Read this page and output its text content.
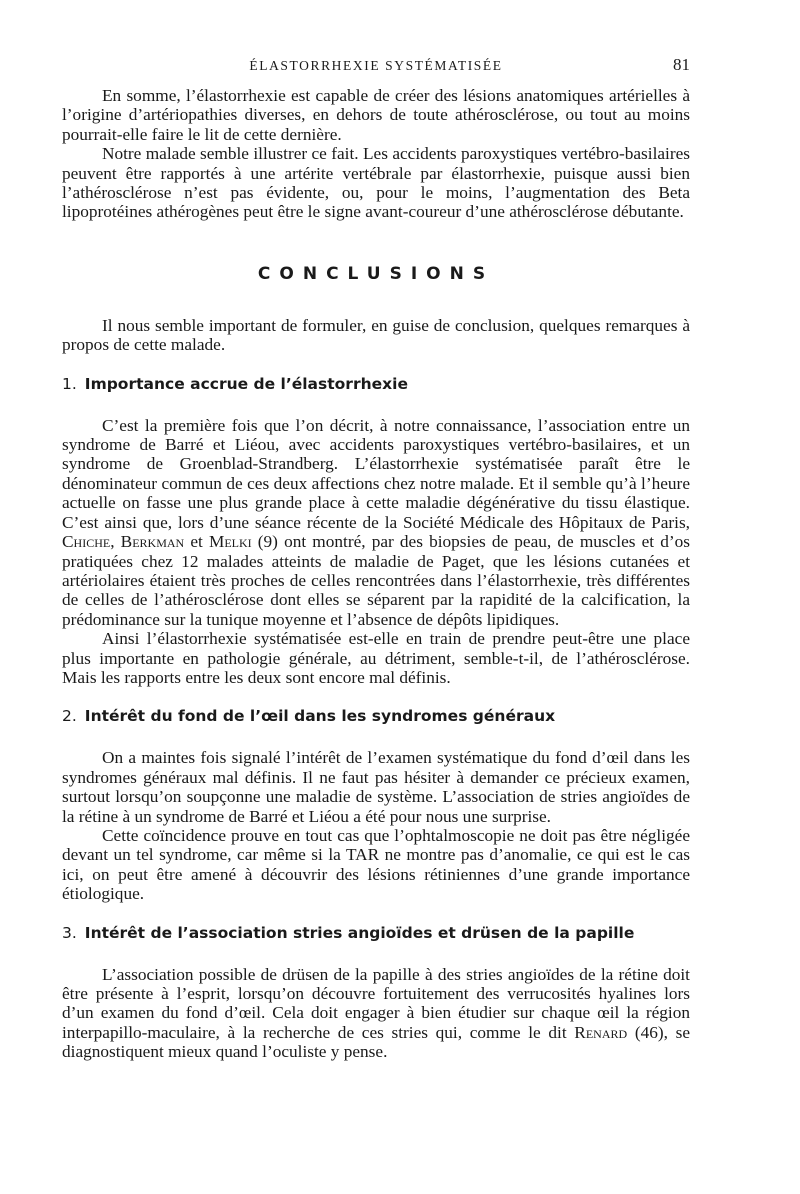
ÉLASTORRHEXIE SYSTÉMATISÉE	81

En somme, l’élastorrhexie est capable de créer des lésions anatomiques artérielles à l’origine d’artériopathies diverses, en dehors de toute athérosclérose, ou tout au moins pourrait-elle faire le lit de cette dernière.

Notre malade semble illustrer ce fait. Les accidents paroxystiques vertébro-basilaires peuvent être rapportés à une artérite vertébrale par élastorrhexie, puisque aussi bien l’athérosclérose n’est pas évidente, ou, pour le moins, l’augmentation des Beta lipoprotéines athérogènes peut être le signe avant-coureur d’une athérosclérose débutante.

CONCLUSIONS

Il nous semble important de formuler, en guise de conclusion, quelques remarques à propos de cette malade.

1. Importance accrue de l’élastorrhexie

C’est la première fois que l’on décrit, à notre connaissance, l’association entre un syndrome de Barré et Liéou, avec accidents paroxystiques vertébro-basilaires, et un syndrome de Groenblad-Strandberg. L’élastorrhexie systématisée paraît être le dénominateur commun de ces deux affections chez notre malade. Et il semble qu’à l’heure actuelle on fasse une plus grande place à cette maladie dégénérative du tissu élastique. C’est ainsi que, lors d’une séance récente de la Société Médicale des Hôpitaux de Paris, Chiche, Berkman et Melki (9) ont montré, par des biopsies de peau, de muscles et d’os pratiquées chez 12 malades atteints de maladie de Paget, que les lésions cutanées et artériolaires étaient très proches de celles rencontrées dans l’élastorrhexie, très différentes de celles de l’athérosclérose dont elles se séparent par la rapidité de la calcification, la prédominance sur la tunique moyenne et l’absence de dépôts lipidiques.

Ainsi l’élastorrhexie systématisée est-elle en train de prendre peut-être une place plus importante en pathologie générale, au détriment, semble-t-il, de l’athérosclérose. Mais les rapports entre les deux sont encore mal définis.

2. Intérêt du fond de l’œil dans les syndromes généraux

On a maintes fois signalé l’intérêt de l’examen systématique du fond d’œil dans les syndromes généraux mal définis. Il ne faut pas hésiter à demander ce précieux examen, surtout lorsqu’on soupçonne une maladie de système. L’association de stries angioïdes de la rétine à un syndrome de Barré et Liéou a été pour nous une surprise.

Cette coïncidence prouve en tout cas que l’ophtalmoscopie ne doit pas être négligée devant un tel syndrome, car même si la TAR ne montre pas d’anomalie, ce qui est le cas ici, on peut être amené à découvrir des lésions rétiniennes d’une grande importance étiologique.

3. Intérêt de l’association stries angioïdes et drüsen de la papille

L’association possible de drüsen de la papille à des stries angioïdes de la rétine doit être présente à l’esprit, lorsqu’on découvre fortuitement des verrucosités hyalines lors d’un examen du fond d’œil. Cela doit engager à bien étudier sur chaque œil la région interpapillo-maculaire, à la recherche de ces stries qui, comme le dit Renard (46), se diagnostiquent mieux quand l’oculiste y pense.
